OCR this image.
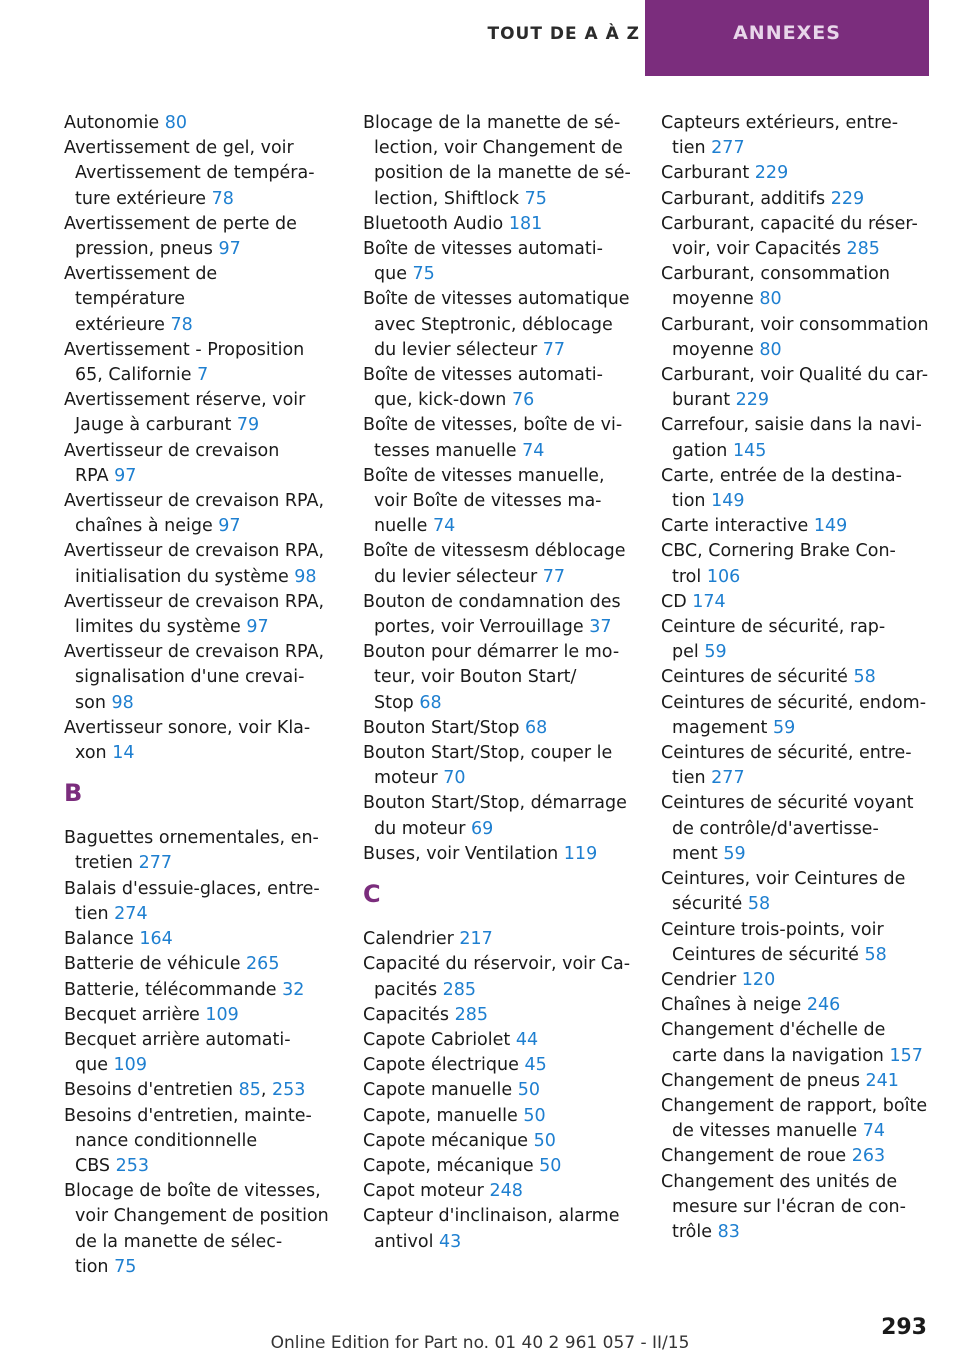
TOUT DE A À Z	ANNEXES
Autonomie 80
Avertissement de gel, voir
Avertissement de tempéra-
ture extérieure 78
Avertissement de perte de
pression, pneus 97
Avertissement de température
extérieure 78
Avertissement - Proposition
65, Californie 7
Avertissement réserve, voir
Jauge à carburant 79
Avertisseur de crevaison
RPA 97
Avertisseur de crevaison RPA,
chaînes à neige 97
Avertisseur de crevaison RPA,
initialisation du système 98
Avertisseur de crevaison RPA,
limites du système 97
Avertisseur de crevaison RPA,
signalisation d'une crevai-
son 98
Avertisseur sonore, voir Kla-
xon 14
B
Baguettes ornementales, en-
tretien 277
Balais d'essuie-glaces, entre-
tien 274
Balance 164
Batterie de véhicule 265
Batterie, télécommande 32
Becquet arrière 109
Becquet arrière automati-
que 109
Besoins d'entretien 85, 253
Besoins d'entretien, mainte-
nance conditionnelle
CBS 253
Blocage de boîte de vitesses,
voir Changement de position
de la manette de sélec-
tion 75
Blocage de la manette de sé-
lection, voir Changement de
position de la manette de sé-
lection, Shiftlock 75
Bluetooth Audio 181
Boîte de vitesses automati-
que 75
Boîte de vitesses automatique
avec Steptronic, déblocage
du levier sélecteur 77
Boîte de vitesses automati-
que, kick-down 76
Boîte de vitesses, boîte de vi-
tesses manuelle 74
Boîte de vitesses manuelle,
voir Boîte de vitesses ma-
nuelle 74
Boîte de vitessesm déblocage
du levier sélecteur 77
Bouton de condamnation des
portes, voir Verrouillage 37
Bouton pour démarrer le mo-
teur, voir Bouton Start/
Stop 68
Bouton Start/Stop 68
Bouton Start/Stop, couper le
moteur 70
Bouton Start/Stop, démarrage
du moteur 69
Buses, voir Ventilation 119
C
Calendrier 217
Capacité du réservoir, voir Ca-
pacités 285
Capacités 285
Capote Cabriolet 44
Capote électrique 45
Capote manuelle 50
Capote, manuelle 50
Capote mécanique 50
Capote, mécanique 50
Capot moteur 248
Capteur d'inclinaison, alarme
antivol 43
Capteurs extérieurs, entre-
tien 277
Carburant 229
Carburant, additifs 229
Carburant, capacité du réser-
voir, voir Capacités 285
Carburant, consommation
moyenne 80
Carburant, voir consommation
moyenne 80
Carburant, voir Qualité du car-
burant 229
Carrefour, saisie dans la navi-
gation 145
Carte, entrée de la destina-
tion 149
Carte interactive 149
CBC, Cornering Brake Con-
trol 106
CD 174
Ceinture de sécurité, rap-
pel 59
Ceintures de sécurité 58
Ceintures de sécurité, endom-
magement 59
Ceintures de sécurité, entre-
tien 277
Ceintures de sécurité voyant
de contrôle/d'avertisse-
ment 59
Ceintures, voir Ceintures de
sécurité 58
Ceinture trois-points, voir
Ceintures de sécurité 58
Cendrier 120
Chaînes à neige 246
Changement d'échelle de
carte dans la navigation 157
Changement de pneus 241
Changement de rapport, boîte
de vitesses manuelle 74
Changement de roue 263
Changement des unités de
mesure sur l'écran de con-
trôle 83
293
Online Edition for Part no. 01 40 2 961 057 - II/15
